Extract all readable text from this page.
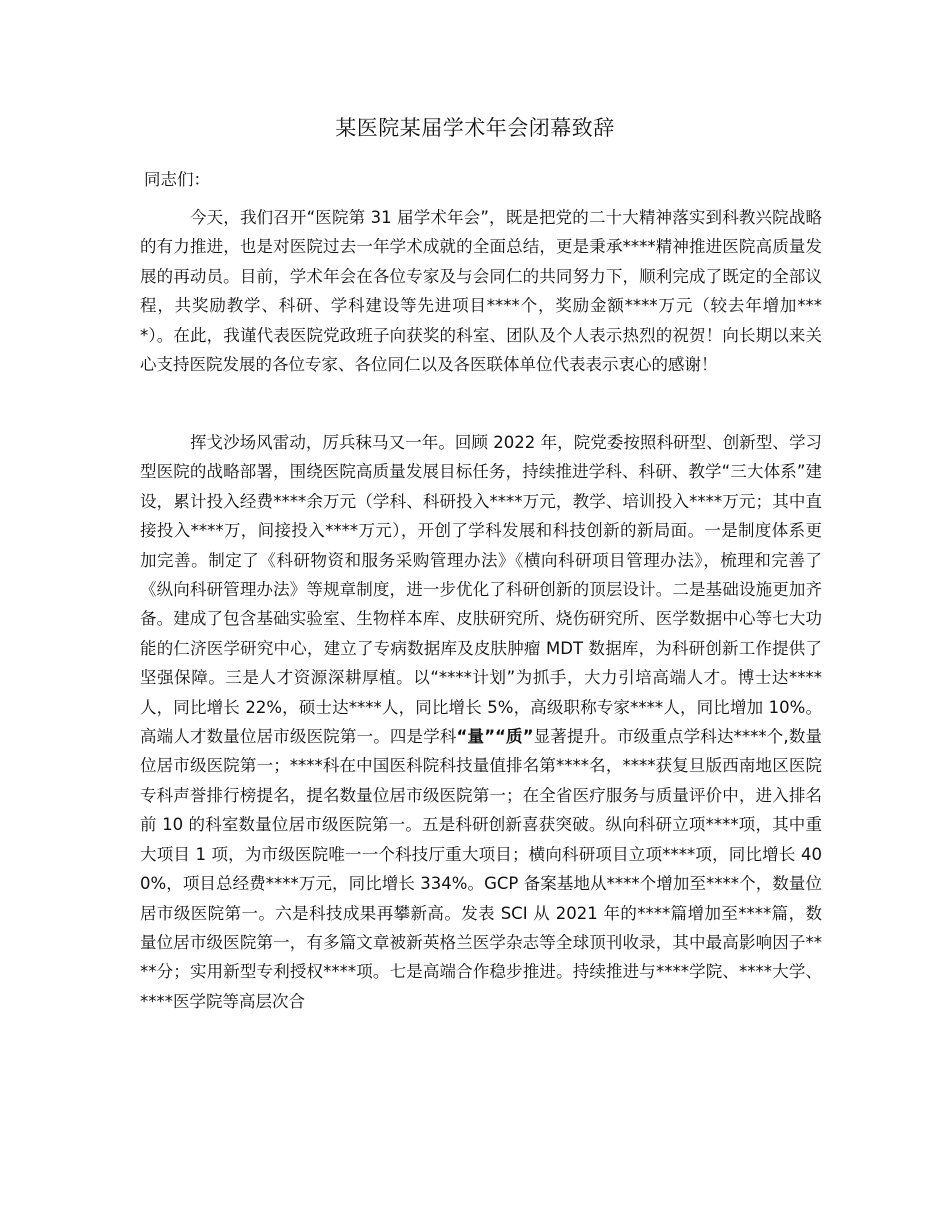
某医院某届学术年会闭幕致辞

同志们：

今天，我们召开“医院第 31 届学术年会”，既是把党的二十大精神落实到科教兴院战略的有力推进，也是对医院过去一年学术成就的全面总结，更是秉承****精神推进医院高质量发展的再动员。目前，学术年会在各位专家及与会同仁的共同努力下，顺利完成了既定的全部议程，共奖励教学、科研、学科建设等先进项目****个，奖励金额****万元（较去年增加****）。在此，我谨代表医院党政班子向获奖的科室、团队及个人表示热烈的祝贺！向长期以来关心支持医院发展的各位专家、各位同仁以及各医联体单位代表表示衷心的感谢！

挥戈沙场风雷动，厉兵秣马又一年。回顾 2022 年，院党委按照科研型、创新型、学习型医院的战略部署，围绕医院高质量发展目标任务，持续推进学科、科研、教学“三大体系”建设，累计投入经费****余万元（学科、科研投入****万元，教学、培训投入****万元；其中直接投入****万，间接投入****万元），开创了学科发展和科技创新的新局面。一是制度体系更加完善。制定了《科研物资和服务采购管理办法》《横向科研项目管理办法》，梳理和完善了《纵向科研管理办法》等规章制度，进一步优化了科研创新的顶层设计。二是基础设施更加齐备。建成了包含基础实验室、生物样本库、皮肤研究所、烧伤研究所、医学数据中心等七大功能的仁济医学研究中心，建立了专病数据库及皮肤肿瘤 MDT 数据库，为科研创新工作提供了坚强保障。三是人才资源深耕厚植。以“****计划”为抓手，大力引培高端人才。博士达****人，同比增长 22%，硕士达****人，同比增长 5%，高级职称专家****人，同比增加 10%。高端人才数量位居市级医院第一。四是学科“量”“质”显著提升。市级重点学科达****个,数量位居市级医院第一；****科在中国医科院科技量值排名第****名，****获复旦版西南地区医院专科声誉排行榜提名，提名数量位居市级医院第一；在全省医疗服务与质量评价中，进入排名前 10 的科室数量位居市级医院第一。五是科研创新喜获突破。纵向科研立项****项，其中重大项目 1 项，为市级医院唯一一个科技厅重大项目；横向科研项目立项****项，同比增长 400%，项目总经费****万元，同比增长 334%。GCP 备案基地从****个增加至****个，数量位居市级医院第一。六是科技成果再攀新高。发表 SCI 从 2021 年的****篇增加至****篇，数量位居市级医院第一，有多篇文章被新英格兰医学杂志等全球顶刊收录，其中最高影响因子****分；实用新型专利授权****项。七是高端合作稳步推进。持续推进与****学院、****大学、****医学院等高层次合
